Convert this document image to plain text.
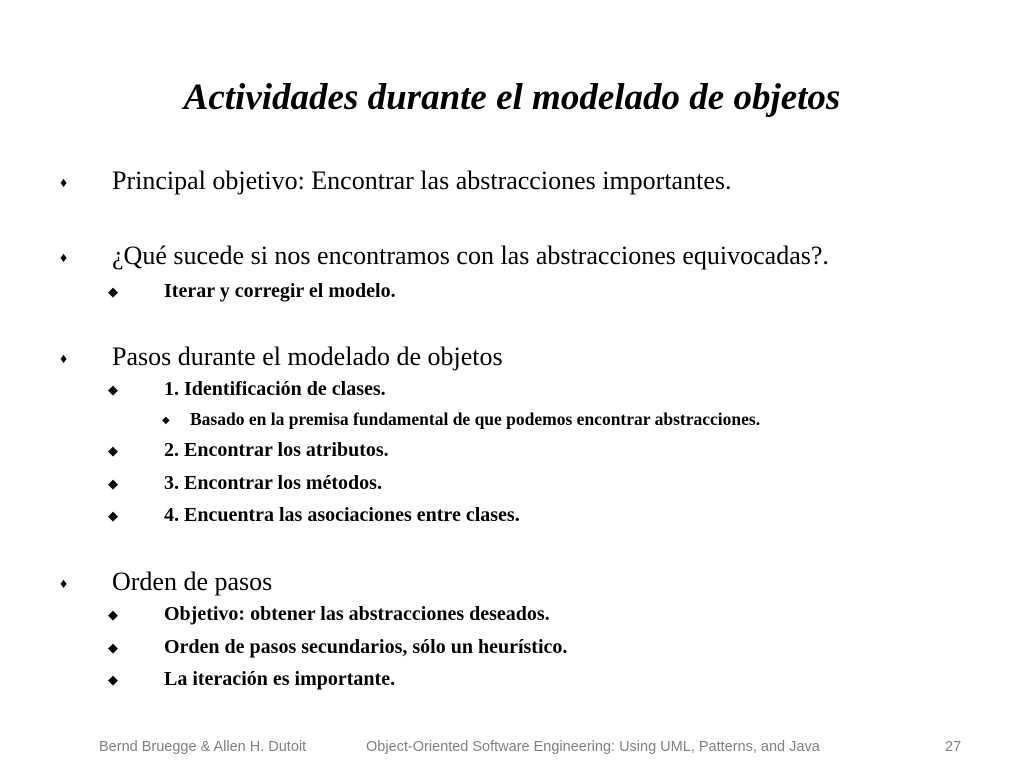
Actividades durante el modelado de objetos
♦ Principal objetivo: Encontrar las abstracciones importantes.
♦ ¿Qué sucede si nos encontramos con las abstracciones equivocadas?.
◆ Iterar y corregir el modelo.
♦ Pasos durante el modelado de objetos
◆ 1. Identificación de clases.
◆ Basado en la premisa fundamental de que podemos encontrar abstracciones.
◆ 2. Encontrar los atributos.
◆ 3. Encontrar los métodos.
◆ 4. Encuentra las asociaciones entre clases.
♦ Orden de pasos
◆ Objetivo: obtener las abstracciones deseados.
◆ Orden de pasos secundarios, sólo un heurístico.
◆ La iteración es importante.
Bernd Bruegge & Allen H. Dutoit	Object-Oriented Software Engineering: Using UML, Patterns, and Java	27
